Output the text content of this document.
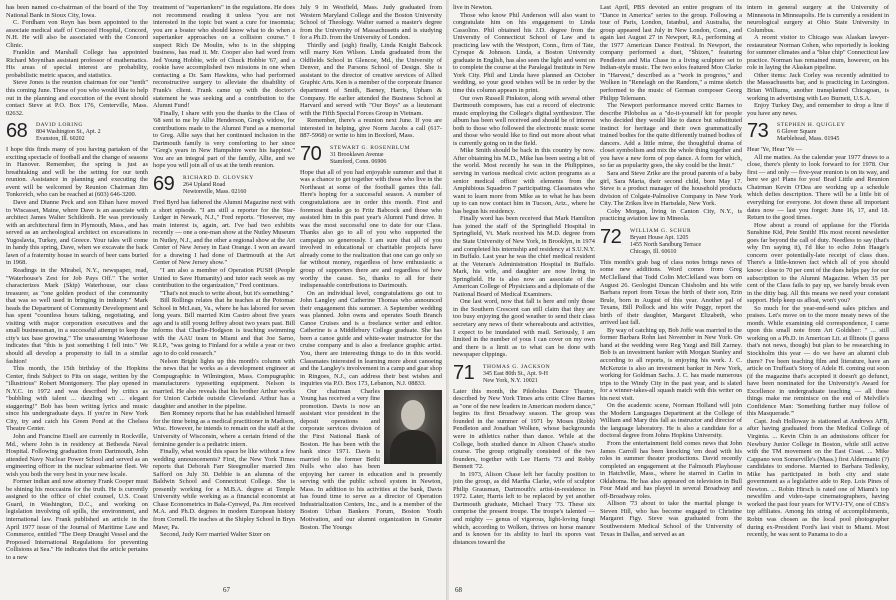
has been named co-chairman of the board of the Toy National Bank in Sioux City, Iowa.

C. Fordham von Reyn has been appointed to the associate medical staff of Concord Hospital, Concord, N.H. He will also be associated with the Concord Clinic.

Franklin and Marshall College has appointed Richard Moynihan assistant professor of mathematics. His areas of special interest are probability, probabilistic metric spaces, and statistics.

Steve Jones is the reunion chairman for our "tenth" this coming June. Those of you who would like to help out in the planning and execution of the event should contact Steve at P.O. Box 176, Centerville, Mass. 02632.

68	DAVID LORING
804 Washington St., Apt. 2
Evanston, Ill. 60202

I hope this finds many of you having partaken of the exciting spectacle of football and the change of seasons in Hanover. Remember, the spring is just as breathtaking and will be the setting for our tenth reunion. Assistance in planning and executing the event will be welcomed by Reunion Chairman Jim Tonkovich, who can be reached at (603) 646-3200.

Dave and Dianne Peck and son Ethan have moved to Wiscasset, Maine, where Dave is an associate with architect James Walter Schildroth. He was previously with an architectural firm in Plymouth, Mass., and has served as an archeological architect on excavations in Yugoslavia, Turkey, and Greece. Your tales will come in handy this spring, Dave, when we excavate the back lawn of a fraternity house in search of beer cans buried in 1968.

Readings in the Mirabel, N.Y., newspaper, read, "Waterhouse's Zest for Job Pays Off." The writer characterizes Mark (Skip) Waterhouse, our class treasurer, as "one golden product of the community that was so well used in bringing in industry." Mark heads the Department of Community Development and has spent "countless hours talking, negotiating, and visiting with major corporation executives and the small businessman, in a successful attempt to keep the city's tax base growing." The unassuming Waterhouse indicates that "this is just something I fell into." We should all develop a propensity to fall in a similar fashion!

This month, the 15th birthday of the Hopkins Center, finds Subject to Fits on stage, written by the "illustrious" Robert Montgomery. The play opened in N.Y.C. in 1972 and was described by critics as "bubbling with talent ... dazzling wit ... elegant staggering!" Bob has been writing lyrics and music since his undergraduate days. If you're in New York City, try and catch his Green Pond at the Chelsea Theatre Center.

John and Francine Eisell are currently in Rockville, Md., where John is in residency at Bethesda Naval Hospital. Following graduation from Dartmouth, John attended Navy Nuclear Power School and served as an engineering officer in the nuclear submarine fleet. We wish you both the very best in your new locale.

Former indian and now attorney Frank Cooper must be shining his moccasins for the truth. He is currently assigned to the office of chief counsel, U.S. Coast Guard, in Washington, D.C., and working on legislation involving oil spills, the environment, and international law. Frank published an article in the April 1977 issue of the Journal of Maritime Law and Commerce, entitled "The Deep Draught Vessel and the Proposed International Regulations for preventing Collisions at Sea." He indicates that the article pertains to a new

treatment of "supertankers" in the regulations. He does not recommend reading it unless "you are not interested in the topic but want a cure for insomnia; you are a boater who should know what to do when a supertanker approaches on a collision course." I suspect Rich De Moulin, who is in the shipping business, has read it. Mr. Cooper also had word from Jed Young Hobbie, wife of Chuck Hobbie '67, and a rookie have accomplished two missions in one when contacting a Dr. Sam Hawkins, who had performed reconstructive surgery to alleviate the disability of Frank's client. Frank came up with the doctor's statement he was seeking and a contribution to the Alumni Fund!

Finally, I share with you the thanks to the Class of '68 sent to me by Allie Henderson, Greg's widow, for contributions made to the Alumni Fund as a memorial to Greg. Allie says that her continued inclusion in the Dartmouth family is very comforting to her since "Greg's years in New Hampshire were his happiest." You are an integral part of the family, Allie, and we hope you will join all of us at the tenth reunion.

69	RICHARD D. GLOVSKY
264 Upland Road
Newtonville, Mass. 02160

Fred Byrd has fathered the Alumni Magazine next with a short episode. "I am still a reporter for the Star-Ledger in Newark, N.J.," Fred reports. "However, my main interest is, again, art. I've had two exhibits recently — one a one-man show at the Nutley Museum in Nutley, N.J., and the other a regional show at the Art Center of New Jersey in East Orange. I won an award for a drawing I had done of Dartmouth at the Art Center of New Jersey show."

"I am also a member of Operation PUSH (People United to Save Humanity) and tutor each week as my contribution to the organization," Fred continues.

"That's not much to write about, but it's something."

Bill Rollings relates that he teaches at the Potomac School in McLean, Va., where he has labored for seven long years. Bill married Kim Castro about five years ago and is still young Jeffrey about two years past. Bill informs that Charlie-Hodgson is teaching swimming with the AAU team in Miami and that Joe Sarno, R.I.P., "was going to Finland for a while a year or two ago to do cold research."

Nelson Bright lights up this month's column with the news that he works as a development engineer at Compugraphic in Wilmington, Mass. Compugraphic manufacturers typesetting equipment. Nelson is married. He also reveals that his brother Arthur works for Union Carbide outside Cleveland. Arthur has a daughter and another in the pipeline.

Ben Romney reports that he has established himself for the time being as a medical practitioner in Madison, Wisc. However, he intends to remain on the staff at the University of Wisconsin, where a certain friend of the feminine gender is a pediatric intern.

Finally, what would this space be like without a few wedding announcements? First, the New York Times reports that Deborah Farr Steegmuller married Jim Safford on July 30. Debbie is an alumna of the Baldwin School and Connecticut College. She is presently working for a M.B.A. degree at Temple University while working as a financial economist at Chase Econometrics in Bala-Cynwyd, Pa. Jim received M.A. and Ph.D. degrees in modern European history from Cornell. He teaches at the Shipley School in Bryn Mawr, Pa.

Second, Judy Kerr married Walter Sizer on

July 9 in Westfield, Mass. Judy graduated from Western Maryland College and the Boston University School of Theology. Walter earned a master's degree from the University of Massachusetts and is studying for a Ph.D. from the University of London.

Thirdly and (sigh) finally, Linda Knight Babcock will marry Ken Wilson. Linda graduated from the Oldfields School in Glencoe, Md., the University of Denver, and the Parsons School of Design. She is assistant to the director of creative services of Allied Graphic Arts. Ken is a member of the corporate finance department of Smith, Barney, Harris, Upham & Company. He earlier attended the Business School at Harvard and served with "Our Boys" as a lieutenant with the Fifth Special Forces Group in Vietnam.

Remember, there's a reunion next June. If you are interested in helping, give Norm Jacobs a call (617-887-5968) or write to him in Boxford, Mass.

70	STEWART G. ROSENBLUM
31 Brooklawn Avenue
Stamford, Conn. 06906

Hope that all of you had enjoyable summer and that it was a chance to get together with those who live in the Northeast at some of the football games this fall. Here's hoping for a successful season. A number of congratulations are in order this month. First and foremost thanks go to Fritz Babcock and those who assisted him in this past year's Alumni Fund drive. It was the most successful one to date for our Class. Thanks also go to all of you who supported the campaign so generously. I am sure that all of you involved in educational or charitable projects have already come to the realization that one can go only so far without money, regardless of how enthusiastic a group of supporters there are and regardless of how worthy the cause. So, thanks to all for their indispensable contributions to Dartmouth.

On an individual level, congratulations go out to John Langley and Catherine Thomas who announced their engagement this summer. A September wedding was planned. John owns and operates South Branch Canoe Cruises and is a freelance writer and editor. Catherine is a Middlebury College graduate. She has been a canoe guide and white-water instructor for the cruise company and is also a freelance graphic artist. You, there are interesting things to do in this world. Classmates interested in learning more about canoeing and the Langley's involvement in a camp and gear shop in Ringoes, N.J., can address their best wishes and inquiries via P.O. Box 173, Lebanon, N.J. 08833.

Our chairman Charles Young has received a very fine promotion. Davis is now an assistant vice president in the deposit operations and corporate services division of the First National Bank of Boston. He has been with the bank since 1971. Davis is married to the former Bethi Nulls who also has been enjoying her career in education and is presently serving with the public school system in Newton, Mass. In addition to his activities at the bank, Davis has found time to serve as a director of Operation Industrialization Centers, Inc., and is a member of the Boston Urban Bankers Forum, Boston Youth Motivation, and our alumni organization in Greater Boston. The Youngs

67

live in Newton.

Those who know Phil Anderson will also want to congratulate him on his engagement to Linda Cassolino. Phil obtained his J.D. degree from the University of Connecticut School of Law and is practicing law with the Westport, Conn., firm of Tate, Cyrsque & Johnson. Linda, a Boston University graduate in English, has also seen the light and went on to complete the course at the Paralegal Institute in New York City. Phil and Linda have planned an October wedding, so your good wishes will be in order by the time this column appears in print.

Our own Russell Pinkston, along with several other Dartmouth composers, has cut a record of electronic music employing the College's digital synthesizer. The album has been well received and should be of interest both to those who followed the electronic music scene and those who would like to find out more about what is currently going on in the field.

Mike Smith should be back in this country by now. After obtaining his M.D., Mike has been seeing a bit of the world. Most recently he was in the Philippines, serving in various medical civic action programs as a senior medical officer with elements from the Amphibious Squadron 7 participating. Classmates who want to learn more from Mike as to what he has been up to can now contact him in Tucson, Ariz., where he has begun his residency.

Finally word has been received that Mark Hamilton has joined the staff of the Springfield Hospital in Springfield, Vt. Mark received his M.D. degree from the State University of New York, in Brooklyn, in 1974 and completed his internship and residency at S.U.N.Y. in Buffalo. Last year he was the chief medical resident at the Veteran's Administration Hospital in Buffalo. Mark, his wife, and daughter are now living in Springfield. He is also now an associate of the American College of Physicians and a diplomate of the National Board of Medical Examiners.

One last word, now that fall is here and only those in the Southern Crescent can still claim that they are too busy enjoying the good weather to send their class secretary any news of their whereabouts and activities, I expect to be inundated with mail. Seriously, I am limited in the number of yous I can cover on my own and there is a limit as to what can be done with newspaper clippings.

71	THOMAS G. JACKSON
345 East 80th St., Apt. 9-H
New York, N.Y. 10021

Later this month, the Pilobolus Dance Theatre, described by New York Times arts critic Clive Barnes as "one of the new leaders in American modern dance," begins its first Broadway season. The group was founded in the summer of 1971 by Moses (Robb) Pendleton and Jonathan Wolken, whose backgrounds were in athletics rather than dance. While at the College, both studied dance in Alison Chase's studio course. The group originally consisted of the two founders, together with Lee Harris '73 and Robby Bennett '72.

In 1973, Alison Chase left her faculty position to join the group, as did Martha Clarke, wife of sculptor Philip Grausman, Dartmouth's artist-in-residence in 1972. Later, Harris left to be replaced by yet another Dartmouth graduate, Michael Tracy '73. These six comprise the present troupe. The troupe's talented — and mighty — genus of vigorous, light-loving fungi which, according to Wolken, thrives on horse manure and is known for its ability to hurl its spores vast distances toward the

Last April, PBS devoted an entire program of its "Dance in America" series to the group. Following a tour of Paris, London, Istanbul, and Australia, the group appeared last July in New London, Conn., and again last August 27 in Newport, R.I., performing at the 1977 American Dance Festival. In Newport, the company performed a duet, "Shizen," featuring Pendleton and Mia Chase in a living sculpture set to Indian-style music. The two solos featured Moo Clarke in "Harvest," described as a "work in progress," and Wolken in "Renelagh on the Random," a mime sketch performed to the music of German composer Georg Philipp Telemann.

The Newport performance moved critic Barnes to describe Pilobolus as a "do-it-yourself kit for people who decided they would like to dance but substituted instinct for heritage and their own grammatically trained bodies for the quite differently trained bodies of dancers. Add a little mime, the thoughtful drama of closet symbolism and mix the whole thing together and you have a new form of pop dance. A form for which, so far as popularity goes, the sky could be the limit."

Sara and Steve Zrike are the proud parents of a baby girl, Sara Maria, their second child, born May 17. Steve is a product manager of the household products division of Colgate-Palmolive Company in New York City. The Zrikes live in Hartsdale, New York.

Coby Morgan, living in Canton City, N.Y., is practicing aviation law in Mineola.

72	WILLIAM G. SCHUR
Bryant House Apt. 1205
1455 North Sandburg Terrace
Chicago, Ill. 60610

This month's grab bag of class notes brings news of some new additions. Word comes from Greg McClelland that Todd Colin McClelland was born on August 26. Geologist Duncan Chisholm and his wife Barbara report from Texas the birth of their son, Erin Brule, born in August of this year. Another pal of Texans, Bill Pollock and his wife Peggy, report the birth of their daughter, Margaret Elizabeth, who arrived last fall.

By way of catching up, Bob Joffe was married to the former Barbara Rohn last November in New York. On hand at the wedding were Reg Yazgi and Bill Zarney. Bob is an investment banker with Morgan Stanley and according to all reports, is enjoying his work. J. C. McKenzie is also an investment banker in New York, working for Goldman Sachs. J. C. has made numerous trips to the Windy City in the past year, and is slated for a winner-takes-all squash match with this writer on his next visit.

On the academic scene, Norman Holland will join the Modern Languages Department at the College of William and Mary this fall as instructor and director of the language laboratory. He is also a candidate for a doctoral degree from Johns Hopkins University.

From the entertainment field comes news that John James Carroll has been knocking 'em dead with his roles in summer theater productions. David recently completed an engagement at the Falmouth Playhouse in Hatchville, Mass., where he starred in Carlin in Oklahoma. He has also appeared on television in Bull Four Maid and has played in several Broadway and off-Broadway roles.

Allison '73 about to take the marital plunge is Steven Hill, who has become engaged to Christine Margaret Figy. Steve was graduated from the Southwestern Medical School of the University of Texas in Dallas, and served as an

intern in general surgery at the University of Minnesota in Minneapolis. He is currently a resident in neurological surgery at Ohio State University in Columbus.

A recent visitor to Chicago was Alaskan lawyer-restaurateur Norman Cohen, who reportedly is looking for summer climates and a "blue chip" Connecticut law practice. Norman has remained mum, however, on his role in laying the Alaskan pipeline.

Other items: Jack Corley was recently admitted to the Massachusetts bar, and is practicing in Lexington. Brian Williams, another transplanted Chicagoan, is working in advertising with Leo Burnett, U.S.A.

Enjoy Turkey Day, and remember to drop a line if you have any news.

73	STEPHEN H. QUIGLEY
6 Glover Square
Marblehead, Mass. 01945

Hear 'Ye, Hear 'Ye —

All me maties. As the calendar year 1977 draws to a close, there's plenty to look forward to for 1978. Our first — and only — five-year reunion is on its way, and here we go! Plans for you! Brad Little and Reunion Chairman Kevin O'Dea are working up a schedule which defies description. There will be a little bit of everything for everyone. Jot down these all important dates now — last you forget: June 16, 17, and 18. Return to the good times.

How about a round of applause for the Florida Sunshine Kid, Pete Smith! His most recent newsletter goes far beyond the call of duty. Needless to say (that's why I'm saying it), I'd like to echo John Haage's concern over potentially-late receipt of class dues. There's a little-known fact which all of you should know: close to 70 per cent of the dues helps pay for our subscription to the Alumni Magazine. When 35 per cent of the Class fails to pay up, we barely break even in the ditty bag. All this means we need your constant support. Help keep us afloat, won't you?

So much for the year-end-send sales pitches and praises. Let's move on to the more meaty news of the month. While examining old correspondence, I came upon this small note from Art Goldsher: " ... still working on a Ph.D. in American Lit. at Illinois (I guess that's not news, though) but plan to be researching in Stockholm this year — do we have an alumni club there? I've been teaching film and literature, have an article on Truffaut's Story of Adele H. coming out soon (if the magazine that's accepted it doesn't go defunct, have been nominated for the University's Award for Excellence in undergraduate teaching — all these things make me reminisce on the end of Melville's Confidence Man: 'Something further may follow of this Masquerade.'"

Capt. Josh Holloway is stationed at Andrews AFB, after having graduated from the Medical College of Virginia. ... Kevin Chin is an admissions officer for Newbury Junior College in Boston, while still active with the TM movement on the East Coast. ... Mike Cappano won Somerville's (Mass.) first Aldermanic (?) candidates to endorse. Married to Barbara Tedlesky, Mike has participated in both city and state government as a legislative aide to Rep. Lois Pines of Newton. ... Robin Hirsch is rated one of Miami's top newsfilm and video-tape cinematographers, having worked the past four years for WTVJ-TV, one of CBS's top affiliates. Among his string of accomplishments, Robin was chosen as the local pool photographer during ex-President Ford's last visit to Miami. Most recently, he was sent to Panama to do a

68
